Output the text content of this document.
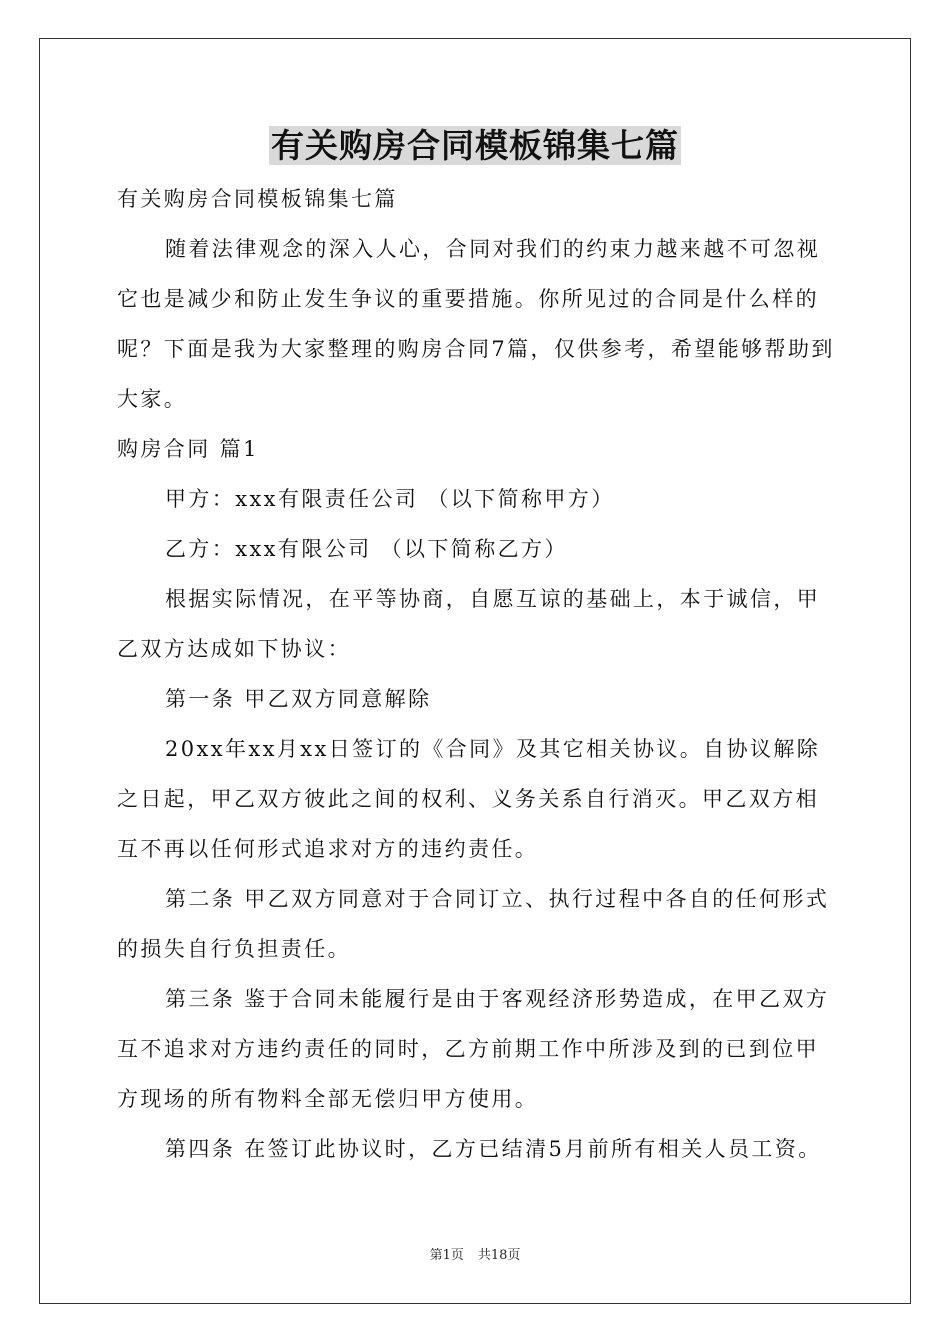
有关购房合同模板锦集七篇

有关购房合同模板锦集七篇

随着法律观念的深入人心，合同对我们的约束力越来越不可忽视它也是减少和防止发生争议的重要措施。你所见过的合同是什么样的呢？下面是我为大家整理的购房合同7篇，仅供参考，希望能够帮助到大家。

购房合同 篇1

甲方：xxx有限责任公司 （以下简称甲方）

乙方：xxx有限公司 （以下简称乙方）

根据实际情况，在平等协商，自愿互谅的基础上，本于诚信，甲乙双方达成如下协议：

第一条 甲乙双方同意解除

20xx年xx月xx日签订的《合同》及其它相关协议。自协议解除之日起，甲乙双方彼此之间的权利、义务关系自行消灭。甲乙双方相互不再以任何形式追求对方的违约责任。

第二条 甲乙双方同意对于合同订立、执行过程中各自的任何形式的损失自行负担责任。

第三条 鉴于合同未能履行是由于客观经济形势造成，在甲乙双方互不追求对方违约责任的同时，乙方前期工作中所涉及到的已到位甲方现场的所有物料全部无偿归甲方使用。

第四条 在签订此协议时，乙方已结清5月前所有相关人员工资。

第1页 共18页
